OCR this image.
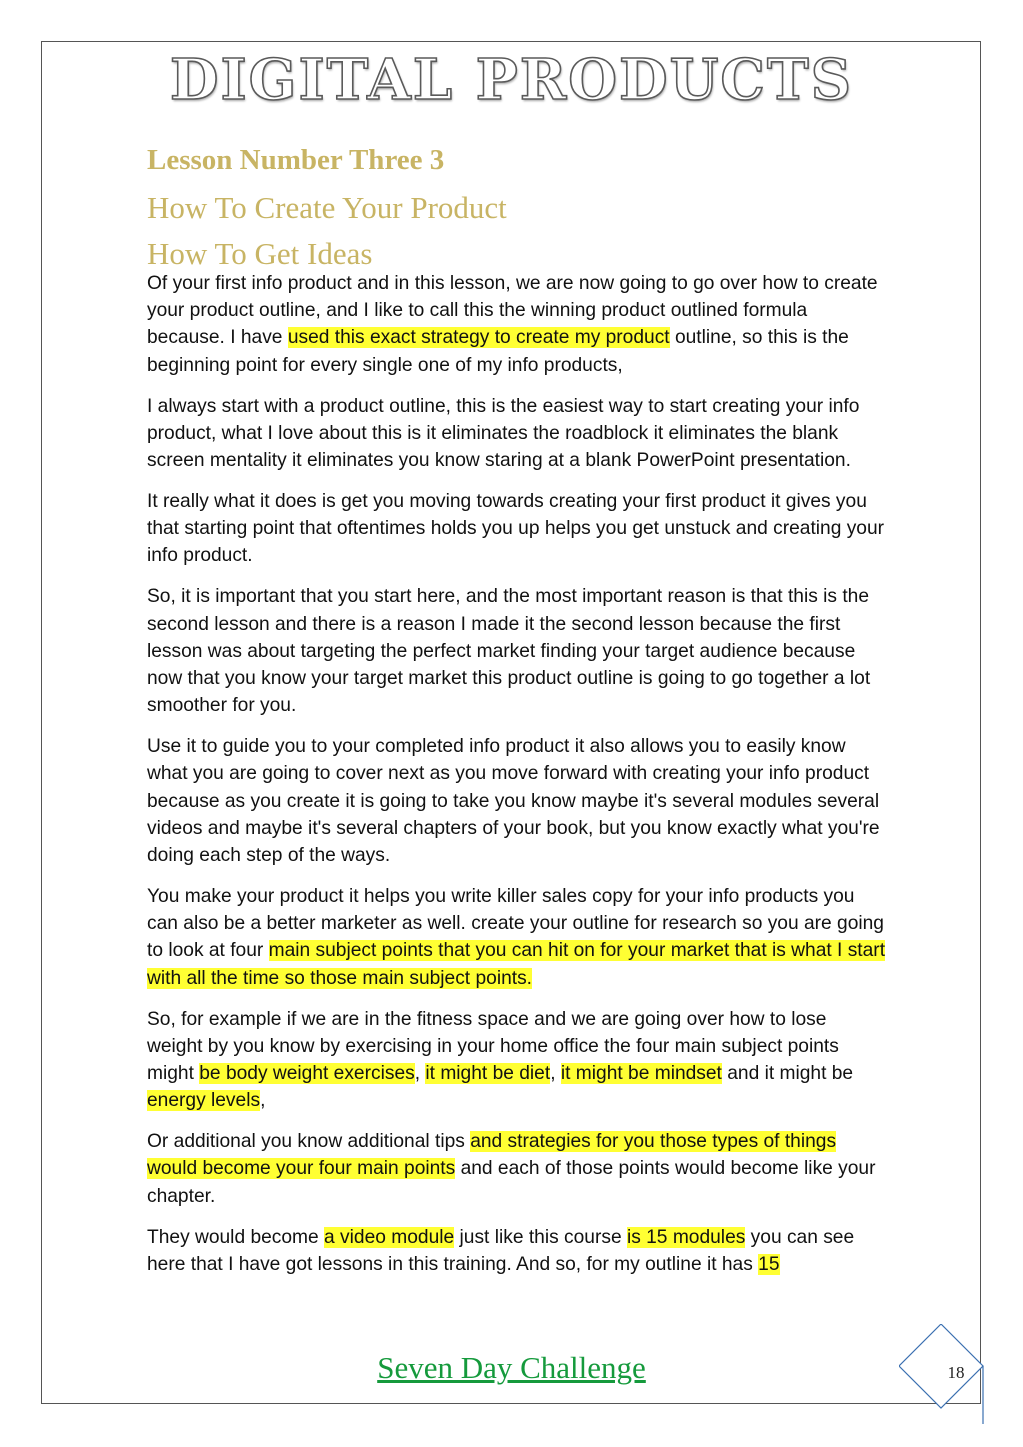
DIGITAL PRODUCTS
Lesson Number Three 3
How To Create Your Product
How To Get Ideas

Of your first info product and in this lesson, we are now going to go over how to create your product outline, and I like to call this the winning product outlined formula because. I have used this exact strategy to create my product outline, so this is the beginning point for every single one of my info products,

I always start with a product outline, this is the easiest way to start creating your info product, what I love about this is it eliminates the roadblock it eliminates the blank screen mentality it eliminates you know staring at a blank PowerPoint presentation.

It really what it does is get you moving towards creating your first product it gives you that starting point that oftentimes holds you up helps you get unstuck and creating your info product.

So, it is important that you start here, and the most important reason is that this is the second lesson and there is a reason I made it the second lesson because the first lesson was about targeting the perfect market finding your target audience because now that you know your target market this product outline is going to go together a lot smoother for you.

Use it to guide you to your completed info product it also allows you to easily know what you are going to cover next as you move forward with creating your info product because as you create it is going to take you know maybe it's several modules several videos and maybe it's several chapters of your book, but you know exactly what you're doing each step of the ways.

You make your product it helps you write killer sales copy for your info products you can also be a better marketer as well. create your outline for research so you are going to look at four main subject points that you can hit on for your market that is what I start with all the time so those main subject points.

So, for example if we are in the fitness space and we are going over how to lose weight by you know by exercising in your home office the four main subject points might be body weight exercises, it might be diet, it might be mindset and it might be energy levels,

Or additional you know additional tips and strategies for you those types of things would become your four main points and each of those points would become like your chapter.

They would become a video module just like this course is 15 modules you can see here that I have got lessons in this training. And so, for my outline it has 15

Seven Day Challenge	18
